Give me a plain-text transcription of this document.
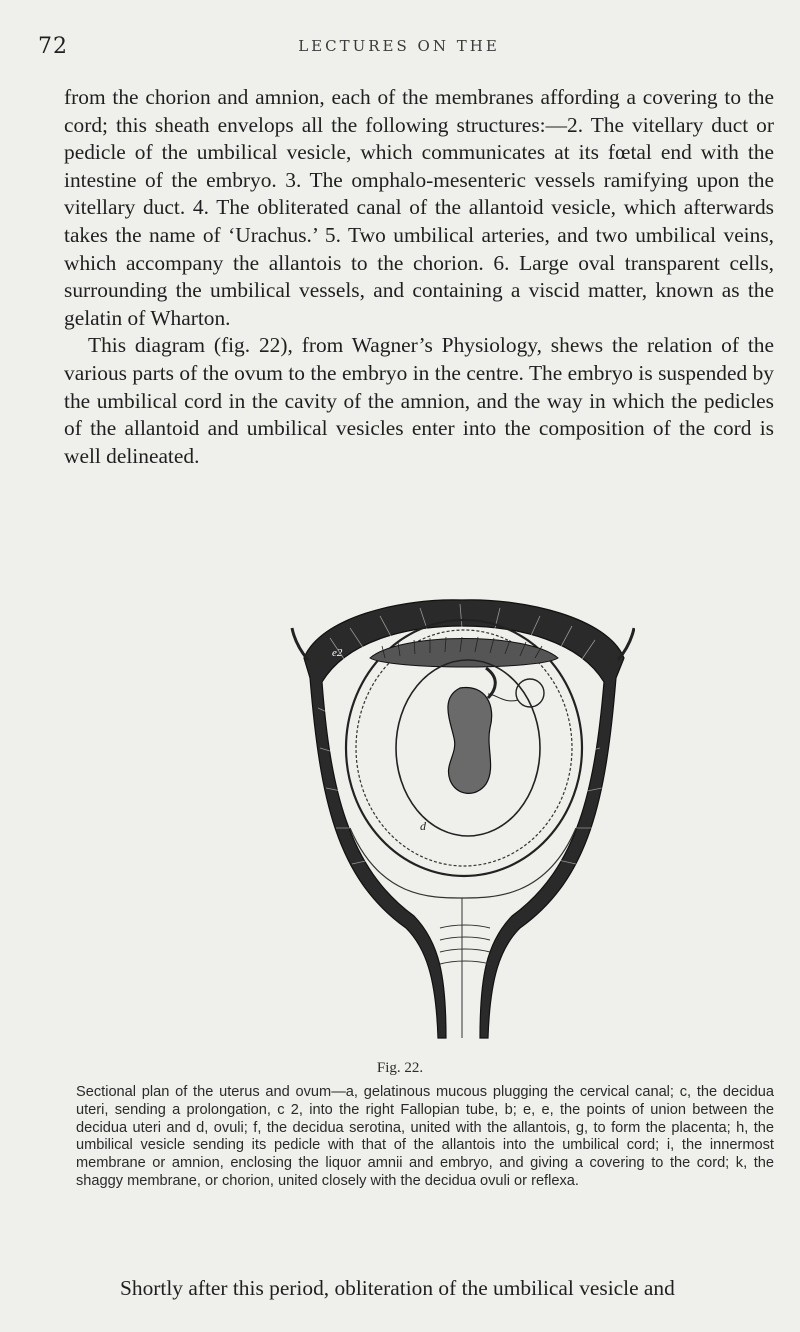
72	LECTURES ON THE

from the chorion and amnion, each of the membranes affording a covering to the cord; this sheath envelops all the following structures:—2. The vitellary duct or pedicle of the umbilical vesicle, which communicates at its fœtal end with the intestine of the embryo. 3. The omphalo-mesenteric vessels ramifying upon the vitellary duct. 4. The obliterated canal of the allantoid vesicle, which afterwards takes the name of ‘Urachus.’ 5. Two umbilical arteries, and two umbilical veins, which accompany the allantois to the chorion. 6. Large oval transparent cells, surrounding the umbilical vessels, and containing a viscid matter, known as the gelatin of Wharton.

This diagram (fig. 22), from Wagner’s Physiology, shews the relation of the various parts of the ovum to the embryo in the centre. The embryo is suspended by the umbilical cord in the cavity of the amnion, and the way in which the pedicles of the allantoid and umbilical vesicles enter into the composition of the cord is well delineated.

e2
d
Fig. 22.

Sectional plan of the uterus and ovum—a, gelatinous mucous plugging the cervical canal; c, the decidua uteri, sending a prolongation, c 2, into the right Fallopian tube, b; e, e, the points of union between the decidua uteri and d, ovuli; f, the decidua serotina, united with the allantois, g, to form the placenta; h, the umbilical vesicle sending its pedicle with that of the allantois into the umbilical cord; i, the innermost membrane or amnion, enclosing the liquor amnii and embryo, and giving a covering to the cord; k, the shaggy membrane, or chorion, united closely with the decidua ovuli or reflexa.

Shortly after this period, obliteration of the umbilical vesicle and
